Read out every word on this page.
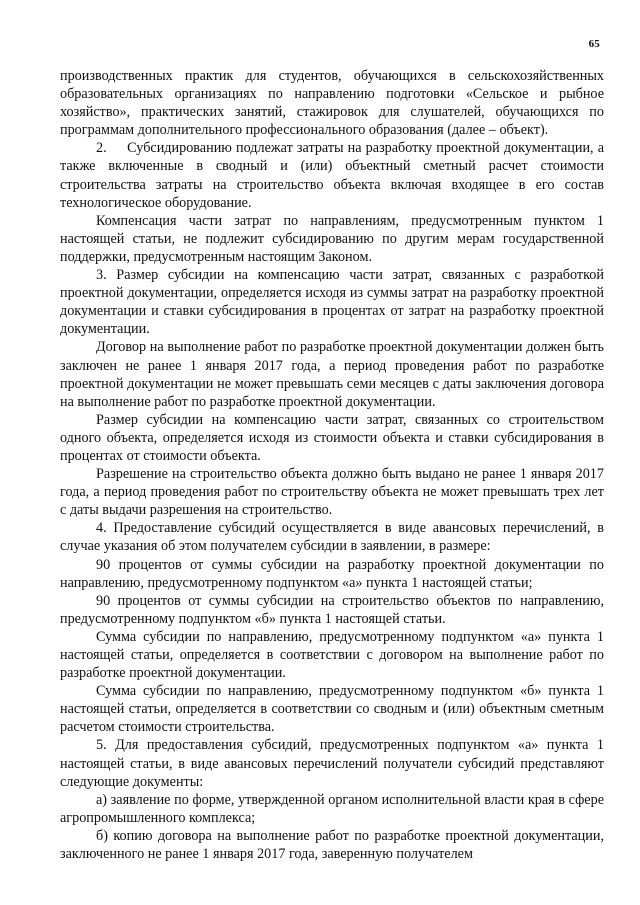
65

производственных практик для студентов, обучающихся в сельскохозяйственных образовательных организациях по направлению подготовки «Сельское и рыбное хозяйство», практических занятий, стажировок для слушателей, обучающихся по программам дополнительного профессионального образования (далее – объект).

2.     Субсидированию подлежат затраты на разработку проектной документации, а также включенные в сводный и (или) объектный сметный расчет стоимости строительства затраты на строительство объекта включая входящее в его состав технологическое оборудование.

Компенсация части затрат по направлениям, предусмотренным пунктом 1 настоящей статьи, не подлежит субсидированию по другим мерам государственной поддержки, предусмотренным настоящим Законом.

3. Размер субсидии на компенсацию части затрат, связанных с разработкой проектной документации, определяется исходя из суммы затрат на разработку проектной документации и ставки субсидирования в процентах от затрат на разработку проектной документации.

Договор на выполнение работ по разработке проектной документации должен быть заключен не ранее 1 января 2017 года, а период проведения работ по разработке проектной документации не может превышать семи месяцев с даты заключения договора на выполнение работ по разработке проектной документации.

Размер субсидии на компенсацию части затрат, связанных со строительством одного объекта, определяется исходя из стоимости объекта и ставки субсидирования в процентах от стоимости объекта.

Разрешение на строительство объекта должно быть выдано не ранее 1 января 2017 года, а период проведения работ по строительству объекта не может превышать трех лет с даты выдачи разрешения на строительство.

4. Предоставление субсидий осуществляется в виде авансовых перечислений, в случае указания об этом получателем субсидии в заявлении, в размере:

90 процентов от суммы субсидии на разработку проектной документации по направлению, предусмотренному подпунктом «а» пункта 1 настоящей статьи;

90 процентов от суммы субсидии на строительство объектов по направлению, предусмотренному подпунктом «б» пункта 1 настоящей статьи.

Сумма субсидии по направлению, предусмотренному подпунктом «а» пункта 1 настоящей статьи, определяется в соответствии с договором на выполнение работ по разработке проектной документации.

Сумма субсидии по направлению, предусмотренному подпунктом «б» пункта 1 настоящей статьи, определяется в соответствии со сводным и (или) объектным сметным расчетом стоимости строительства.

5. Для предоставления субсидий, предусмотренных подпунктом «а» пункта 1 настоящей статьи, в виде авансовых перечислений получатели субсидий представляют следующие документы:

а) заявление по форме, утвержденной органом исполнительной власти края в сфере агропромышленного комплекса;

б) копию договора на выполнение работ по разработке проектной документации, заключенного не ранее 1 января 2017 года, заверенную получателем
